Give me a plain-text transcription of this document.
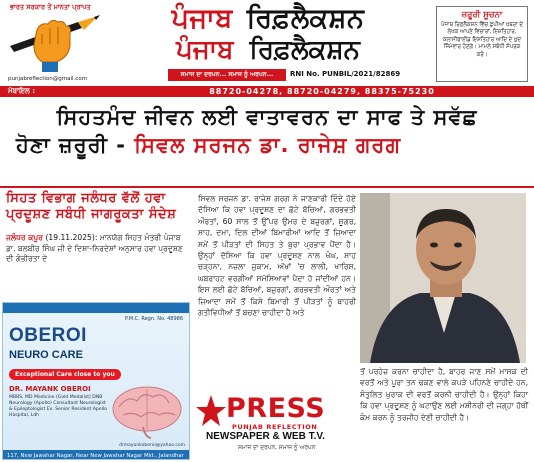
ਭਾਰਤ ਸਰਕਾਰ ਤੋਂ ਮਾਨਤਾ ਪ੍ਰਾਪਤ
punjabreflection@gmail.com
ਪੰਜਾਬ ਰਿਫ਼ਲੈਕਸ਼ਨ
ਪੰਜਾਬ ਰਿਫ਼ਲੈਕਸ਼ਨ
ਸਮਾਜ ਦਾ ਦਰਪਨ... ਸਮਾਜ ਨੂੰ ਅਰਪਨ...	RNI No. PUNBIL/2021/82869
ਜ਼ਰੂਰੀ ਸੂਚਨਾ
ਪੰਜਾਬ ਰਿਫ਼ਲੈਕਸ਼ਨ ਵਿੱਚ ਛਪੀਆਂ ਖ਼ਬਰਾਂ ਦੇ ਲੇਖਕ ਆਪਣੇ ਵਿਚਾਰਾਂ, ਇਸ਼ਤਿਹਾਰ, ਕਲਾਸੀਫਾਈਡ ਇਸ਼ਤਿਹਾਰ ਆਦਿ ਦੇ ਖੁਦ ਜ਼ਿੰਮੇਵਾਰ ਹੋਣਗੇ। ਮਾਮਲੇ ਸਬੰਧੀ ਸੰਪਰਕ ਕਰੋ।
ਮੋਬਾਇਲ :	88720-04278, 88720-04279, 88375-75230
ਸਿਹਤਮੰਦ ਜੀਵਨ ਲਈ ਵਾਤਾਵਰਨ ਦਾ ਸਾਫ ਤੇ ਸਵੱਛ
ਹੋਣਾ ਜ਼ਰੂਰੀ - ਸਿਵਲ ਸਰਜਨ ਡਾ. ਰਾਜੇਸ਼ ਗਰਗ
ਸਿਹਤ ਵਿਭਾਗ ਜਲੰਧਰ ਵੱਲੋਂ ਹਵਾ ਪ੍ਰਦੂਸ਼ਣ ਸਬੰਧੀ ਜਾਗਰੂਕਤਾ ਸੰਦੇਸ਼
ਜਲੰਧਰ ਕਪੂਰ (19.11.2025): ਮਾਨਯੋਗ ਸਿਹਤ ਮੰਤਰੀ ਪੰਜਾਬ ਡਾ. ਬਲਬੀਰ ਸਿੰਘ ਜੀ ਦੇ ਦਿਸ਼ਾ-ਨਿਰਦੇਸ਼ਾਂ ਅਨੁਸਾਰ ਹਵਾ ਪ੍ਰਦੂਸ਼ਣ ਦੀ ਗੰਭੀਰਤਾ ਦੇ
P.M.C. Regn. No. 48986
OBEROI
NEURO CARE
Exceptional Care close to you
DR. MAYANK OBEROI
MBBS, MD Medicine (Gold Medalist) DNB Neurology (Apollo) Consultant Neurologist & Epileptologist Ex. Senior Resident Apollo Hospital, Ldh
drmayankoberoi@yahoo.com
117, New Jawahar Nagar, Near New Jawahar Nagar Mkt., Jalandhar
ਸਿਵਲ ਸਰਜਨ ਡਾ. ਰਾਜੇਸ਼ ਗਰਗ ਨੇ ਜਾਣਕਾਰੀ ਦਿੰਦੇ ਹੋਏ ਦੱਸਿਆ ਕਿ ਹਵਾ ਪ੍ਰਦੂਸ਼ਣ ਦਾ ਛੋਟੇ ਬੱਚਿਆਂ, ਗਰਭਵਤੀ ਔਰਤਾਂ, 60 ਸਾਲ ਤੋਂ ਉੱਪਰ ਉਮਰ ਦੇ ਬਜ਼ੁਰਗਾਂ, ਸ਼ੂਗਰ, ਸਾਹ, ਦਮਾ, ਦਿਲ ਦੀਆਂ ਬਿਮਾਰੀਆਂ ਆਦਿ ਤੋਂ ਜ਼ਿਆਦਾ ਸਮੇਂ ਤੋਂ ਪੀੜਤਾਂ ਦੀ ਸਿਹਤ ਤੇ ਬੁਰਾ ਪ੍ਰਭਾਵ ਪੈਂਦਾ ਹੈ। ਉਨ੍ਹਾਂ ਦੱਸਿਆ ਕਿ ਹਵਾ ਪ੍ਰਦੂਸ਼ਣ ਨਾਲ ਖੰਘ, ਸਾਹ ਚੜ੍ਹਨਾ, ਨਜ਼ਲਾ ਜ਼ੁਕਾਮ, ਅੱਖਾਂ 'ਚ ਲਾਲੀ, ਖਾਰਿਸ਼, ਘਬਰਾਹਟ ਵਰਗੀਆਂ ਸਮੱਸਿਆਵਾਂ ਪੈਦਾ ਹੋ ਜਾਂਦੀਆਂ ਹਨ। ਇਸ ਲਈ ਛੋਟੇ ਬੱਚਿਆਂ, ਬਜ਼ੁਰਗਾਂ, ਗਰਭਵਤੀ ਔਰਤਾਂ ਅਤੇ ਜ਼ਿਆਦਾ ਸਮੇਂ ਤੋਂ ਕਿਸੇ ਬਿਮਾਰੀ ਤੋਂ ਪੀੜਤਾਂ ਨੂੰ ਬਾਹਰੀ ਗਤੀਵਿਧੀਆਂ ਤੋਂ ਬਚਣਾ ਚਾਹੀਦਾ ਹੈ ਅਤੇ
ਤੋਂ ਪਰਹੇਜ਼ ਕਰਨਾ ਚਾਹੀਦਾ ਹੈ, ਬਾਹਰ ਜਾਣ ਸਮੇਂ ਮਾਸਕ ਦੀ ਵਰਤੋਂ ਅਤੇ ਪੂਰਾ ਤਨ ਢਕਣ ਵਾਲੇ ਕਪੜੇ ਪਹਿਨਣੇ ਚਾਹੀਦੇ ਹਨ, ਸੰਤੁਲਿਤ ਖ਼ੁਰਾਕ ਦੀ ਵਰਤੋਂ ਕਰਨੀ ਚਾਹੀਦੀ ਹੈ। ਉਨ੍ਹਾਂ ਕਿਹਾ ਕਿ ਹਵਾ ਪ੍ਰਦੂਸ਼ਣ ਨੂੰ ਘਟਾਉਣ ਲਈ ਮਸ਼ੀਨਰੀ ਦੀ ਜਗ੍ਹਾ ਹੱਥੀਂ ਕੰਮ ਕਰਨ ਨੂੰ ਤਰਜੀਹ ਦੇਣੀ ਚਾਹੀਦੀ ਹੈ।
PRESS
PUNJAB REFLECTION
NEWSPAPER & WEB T.V.
ਸਮਾਜ ਦਾ ਦਰਪਨ, ਸਮਾਜ ਨੂੰ ਅਰਪਨ
